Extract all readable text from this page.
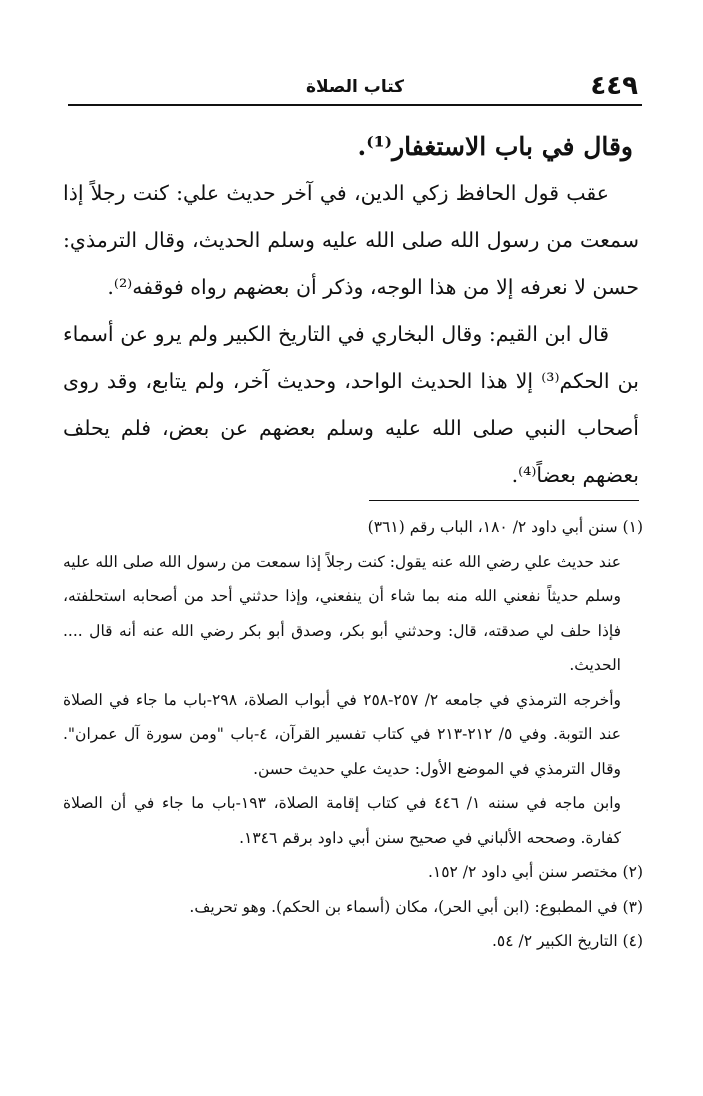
٤٤٩
كتاب الصلاة

وقال في باب الاستغفار⁽¹⁾.

عقب قول الحافظ زكي الدين، في آخر حديث علي: كنت رجلاً إذا سمعت من رسول الله صلى الله عليه وسلم الحديث، وقال الترمذي: حسن لا نعرفه إلا من هذا الوجه، وذكر أن بعضهم رواه فوقفه⁽²⁾.

قال ابن القيم: وقال البخاري في التاريخ الكبير ولم يرو عن أسماء بن الحكم⁽³⁾ إلا هذا الحديث الواحد، وحديث آخر، ولم يتابع، وقد روى أصحاب النبي صلى الله عليه وسلم بعضهم عن بعض، فلم يحلف بعضهم بعضاً⁽⁴⁾.

(١) سنن أبي داود ٢/ ١٨٠، الباب رقم (٣٦١)

عند حديث علي رضي الله عنه يقول: كنت رجلاً إذا سمعت من رسول الله صلى الله عليه وسلم حديثاً نفعني الله منه بما شاء أن ينفعني، وإذا حدثني أحد من أصحابه استحلفته، فإذا حلف لي صدقته، قال: وحدثني أبو بكر، وصدق أبو بكر رضي الله عنه أنه قال .... الحديث.

وأخرجه الترمذي في جامعه ٢/ ٢٥٧-٢٥٨ في أبواب الصلاة، ٢٩٨-باب ما جاء في الصلاة عند التوبة. وفي ٥/ ٢١٢-٢١٣ في كتاب تفسير القرآن، ٤-باب "ومن سورة آل عمران". وقال الترمذي في الموضع الأول: حديث علي حديث حسن.

وابن ماجه في سننه ١/ ٤٤٦ في كتاب إقامة الصلاة، ١٩٣-باب ما جاء في أن الصلاة كفارة. وصححه الألباني في صحيح سنن أبي داود برقم ١٣٤٦.

(٢) مختصر سنن أبي داود ٢/ ١٥٢.

(٣) في المطبوع: (ابن أبي الحر)، مكان (أسماء بن الحكم). وهو تحريف.

(٤) التاريخ الكبير ٢/ ٥٤.
